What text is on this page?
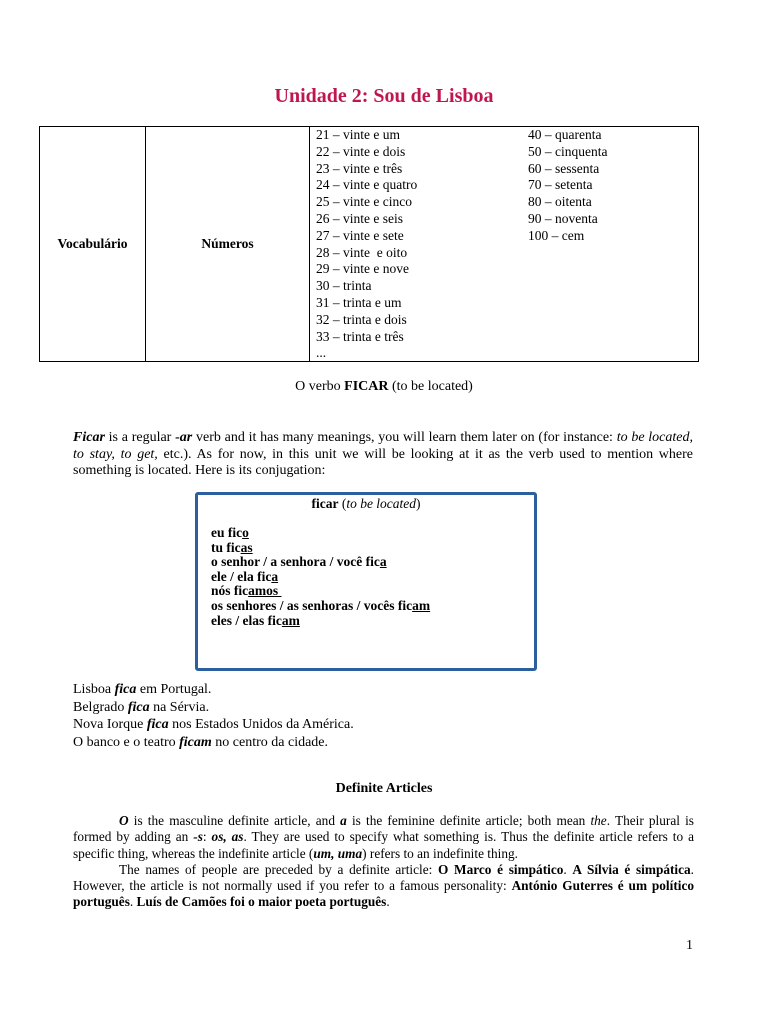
Unidade 2: Sou de Lisboa
Vocabulário	Números	
21 – vinte e um
22 – vinte e dois
23 – vinte e três
24 – vinte e quatro
25 – vinte e cinco
26 – vinte e seis
27 – vinte e sete
28 – vinte  e oito
29 – vinte e nove
30 – trinta
31 – trinta e um
32 – trinta e dois
33 – trinta e três
...
40 – quarenta
50 – cinquenta
60 – sessenta
70 – setenta
80 – oitenta
90 – noventa
100 – cem
O verbo FICAR (to be located)
Ficar is a regular -ar verb and it has many meanings, you will learn them later on (for instance: to be located, to stay, to get, etc.). As for now, in this unit we will be looking at it as the verb used to mention where something is located. Here is its conjugation:
ficar (to be located)
eu fico
tu ficas
o senhor / a senhora / você fica
ele / ela fica
nós ficamos
os senhores / as senhoras / vocês ficam
eles / elas ficam
Lisboa fica em Portugal.
Belgrado fica na Sérvia.
Nova Iorque fica nos Estados Unidos da América.
O banco e o teatro ficam no centro da cidade.
Definite Articles

O is the masculine definite article, and a is the feminine definite article; both mean the. Their plural is formed by adding an -s: os, as. They are used to specify what something is. Thus the definite article refers to a specific thing, whereas the indefinite article (um, uma) refers to an indefinite thing.

The names of people are preceded by a definite article: O Marco é simpático. A Sílvia é simpática. However, the article is not normally used if you refer to a famous personality: António Guterres é um político português. Luís de Camões foi o maior poeta português.

1
